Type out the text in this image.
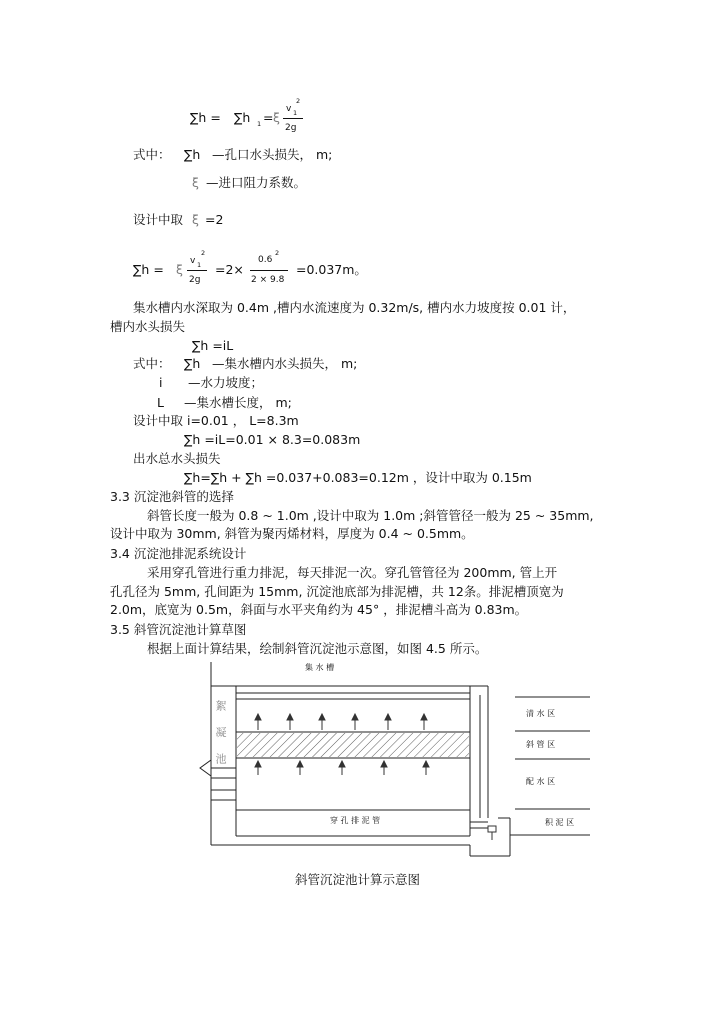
∑h = ∑h 1 = ξ
v 1
2
2g
式中： ∑h —孔口水头损失， m;
ξ —进口阻力系数。
设计中取 ξ =2
∑h = ξ
v 1
2
2g
=2×
0.6
2
2 × 9.8
=0.037m。
集水槽内水深取为 0.4m ,槽内水流速度为 0.32m/s, 槽内水力坡度按 0.01 计，
槽内水头损失
∑h =iL
式中： ∑h —集水槽内水头损失， m;
i —水力坡度；
L —集水槽长度， m;
设计中取 i=0.01 ， L=8.3m
∑h =iL=0.01 × 8.3=0.083m
出水总水头损失
∑h=∑h + ∑h =0.037+0.083=0.12m ，设计中取为 0.15m
3.3 沉淀池斜管的选择
斜管长度一般为 0.8 ~ 1.0m ,设计中取为 1.0m ;斜管管径一般为 25 ~ 35mm,
设计中取为 30mm, 斜管为聚丙烯材料，厚度为 0.4 ~ 0.5mm。
3.4 沉淀池排泥系统设计
采用穿孔管进行重力排泥，每天排泥一次。穿孔管管径为 200mm, 管上开
孔孔径为 5mm, 孔间距为 15mm, 沉淀池底部为排泥槽，共 12条。排泥槽顶宽为
2.0m，底宽为 0.5m，斜面与水平夹角约为 45° ，排泥槽斗高为 0.83m。
3.5 斜管沉淀池计算草图
根据上面计算结果，绘制斜管沉淀池示意图，如图 4.5 所示。
集 水 槽
絮 凝 池	清 水 区
斜 管 区
配 水 区
积 泥 区
穿 孔 排 泥 管
斜管沉淀池计算示意图
